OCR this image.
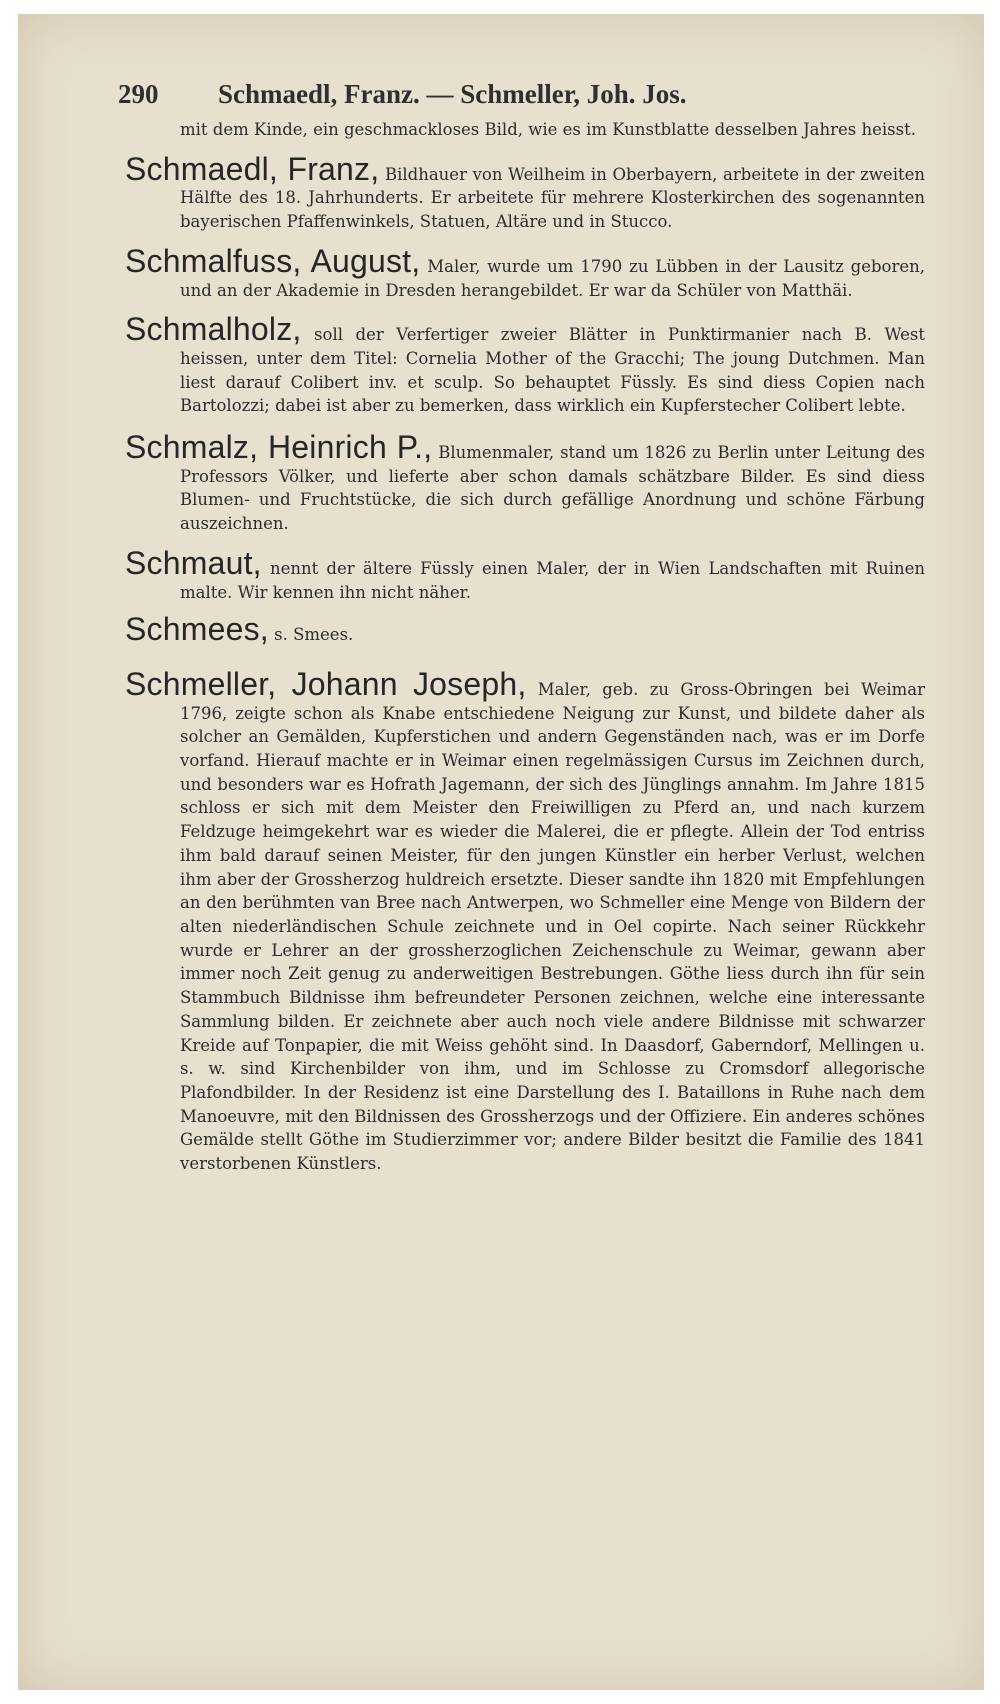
290 Schmaedl, Franz. — Schmeller, Joh. Jos.
mit dem Kinde, ein geschmackloses Bild, wie es im Kunstblatte desselben Jahres heisst.
Schmaedl, Franz, Bildhauer von Weilheim in Oberbayern, arbeitete in der zweiten Hälfte des 18. Jahrhunderts. Er arbeitete für mehrere Klosterkirchen des sogenannten bayerischen Pfaffenwinkels, Statuen, Altäre und in Stucco.
Schmalfuss, August, Maler, wurde um 1790 zu Lübben in der Lausitz geboren, und an der Akademie in Dresden herangebildet. Er war da Schüler von Matthäi.
Schmalholz, soll der Verfertiger zweier Blätter in Punktirmanier nach B. West heissen, unter dem Titel: Cornelia Mother of the Gracchi; The joung Dutchmen. Man liest darauf Colibert inv. et sculp. So behauptet Füssly. Es sind diess Copien nach Bartolozzi; dabei ist aber zu bemerken, dass wirklich ein Kupferstecher Colibert lebte.
Schmalz, Heinrich P., Blumenmaler, stand um 1826 zu Berlin unter Leitung des Professors Völker, und lieferte aber schon damals schätzbare Bilder. Es sind diess Blumen- und Fruchtstücke, die sich durch gefällige Anordnung und schöne Färbung auszeichnen.
Schmaut, nennt der ältere Füssly einen Maler, der in Wien Landschaften mit Ruinen malte. Wir kennen ihn nicht näher.
Schmees, s. Smees.
Schmeller, Johann Joseph, Maler, geb. zu Gross-Obringen bei Weimar 1796, zeigte schon als Knabe entschiedene Neigung zur Kunst, und bildete daher als solcher an Gemälden, Kupferstichen und andern Gegenständen nach, was er im Dorfe vorfand. Hierauf machte er in Weimar einen regelmässigen Cursus im Zeichnen durch, und besonders war es Hofrath Jagemann, der sich des Jünglings annahm. Im Jahre 1815 schloss er sich mit dem Meister den Freiwilligen zu Pferd an, und nach kurzem Feldzuge heimgekehrt war es wieder die Malerei, die er pflegte. Allein der Tod entriss ihm bald darauf seinen Meister, für den jungen Künstler ein herber Verlust, welchen ihm aber der Grossherzog huldreich ersetzte. Dieser sandte ihn 1820 mit Empfehlungen an den berühmten van Bree nach Antwerpen, wo Schmeller eine Menge von Bildern der alten niederländischen Schule zeichnete und in Oel copirte. Nach seiner Rückkehr wurde er Lehrer an der grossherzoglichen Zeichenschule zu Weimar, gewann aber immer noch Zeit genug zu anderweitigen Bestrebungen. Göthe liess durch ihn für sein Stammbuch Bildnisse ihm befreundeter Personen zeichnen, welche eine interessante Sammlung bilden. Er zeichnete aber auch noch viele andere Bildnisse mit schwarzer Kreide auf Tonpapier, die mit Weiss gehöht sind. In Daasdorf, Gaberndorf, Mellingen u. s. w. sind Kirchenbilder von ihm, und im Schlosse zu Cromsdorf allegorische Plafondbilder. In der Residenz ist eine Darstellung des I. Bataillons in Ruhe nach dem Manoeuvre, mit den Bildnissen des Grossherzogs und der Offiziere. Ein anderes schönes Gemälde stellt Göthe im Studierzimmer vor; andere Bilder besitzt die Familie des 1841 verstorbenen Künstlers.
